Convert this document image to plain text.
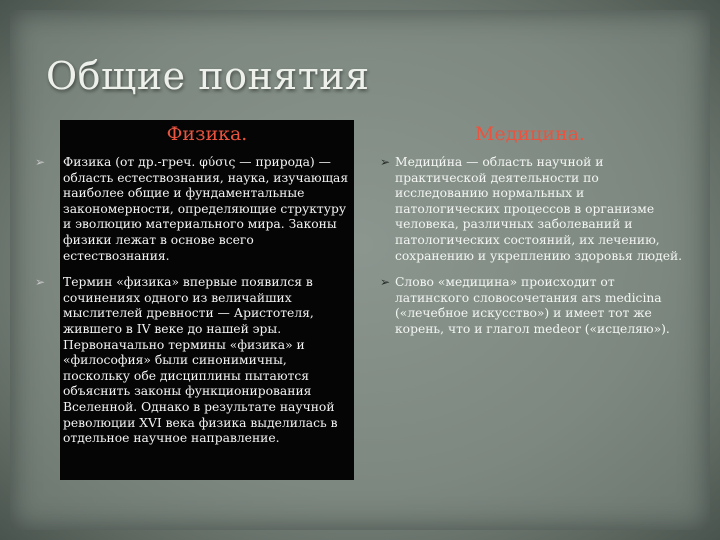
Общие понятия
Физика.	Медицина.
➢ Физика (от др.-греч. φύσις — природа) — область естествознания, наука, изучающая наиболее общие и фундаментальные закономерности, определяющие структуру и эволюцию материального мира. Законы физики лежат в основе всего естествознания.
➢ Термин «физика» впервые появился в сочинениях одного из величайших мыслителей древности — Аристотеля, жившего в IV веке до нашей эры. Первоначально термины «физика» и «философия» были синонимичны, поскольку обе дисциплины пытаются объяснить законы функционирования Вселенной. Однако в результате научной революции XVI века физика выделилась в отдельное научное направление.
➢ Медици́на — область научной и практической деятельности по исследованию нормальных и патологических процессов в организме человека, различных заболеваний и патологических состояний, их лечению, сохранению и укреплению здоровья людей.
➢ Слово «медицина» происходит от латинского словосочетания ars medicina («лечебное искусство») и имеет тот же корень, что и глагол medeor («исцеляю»).
